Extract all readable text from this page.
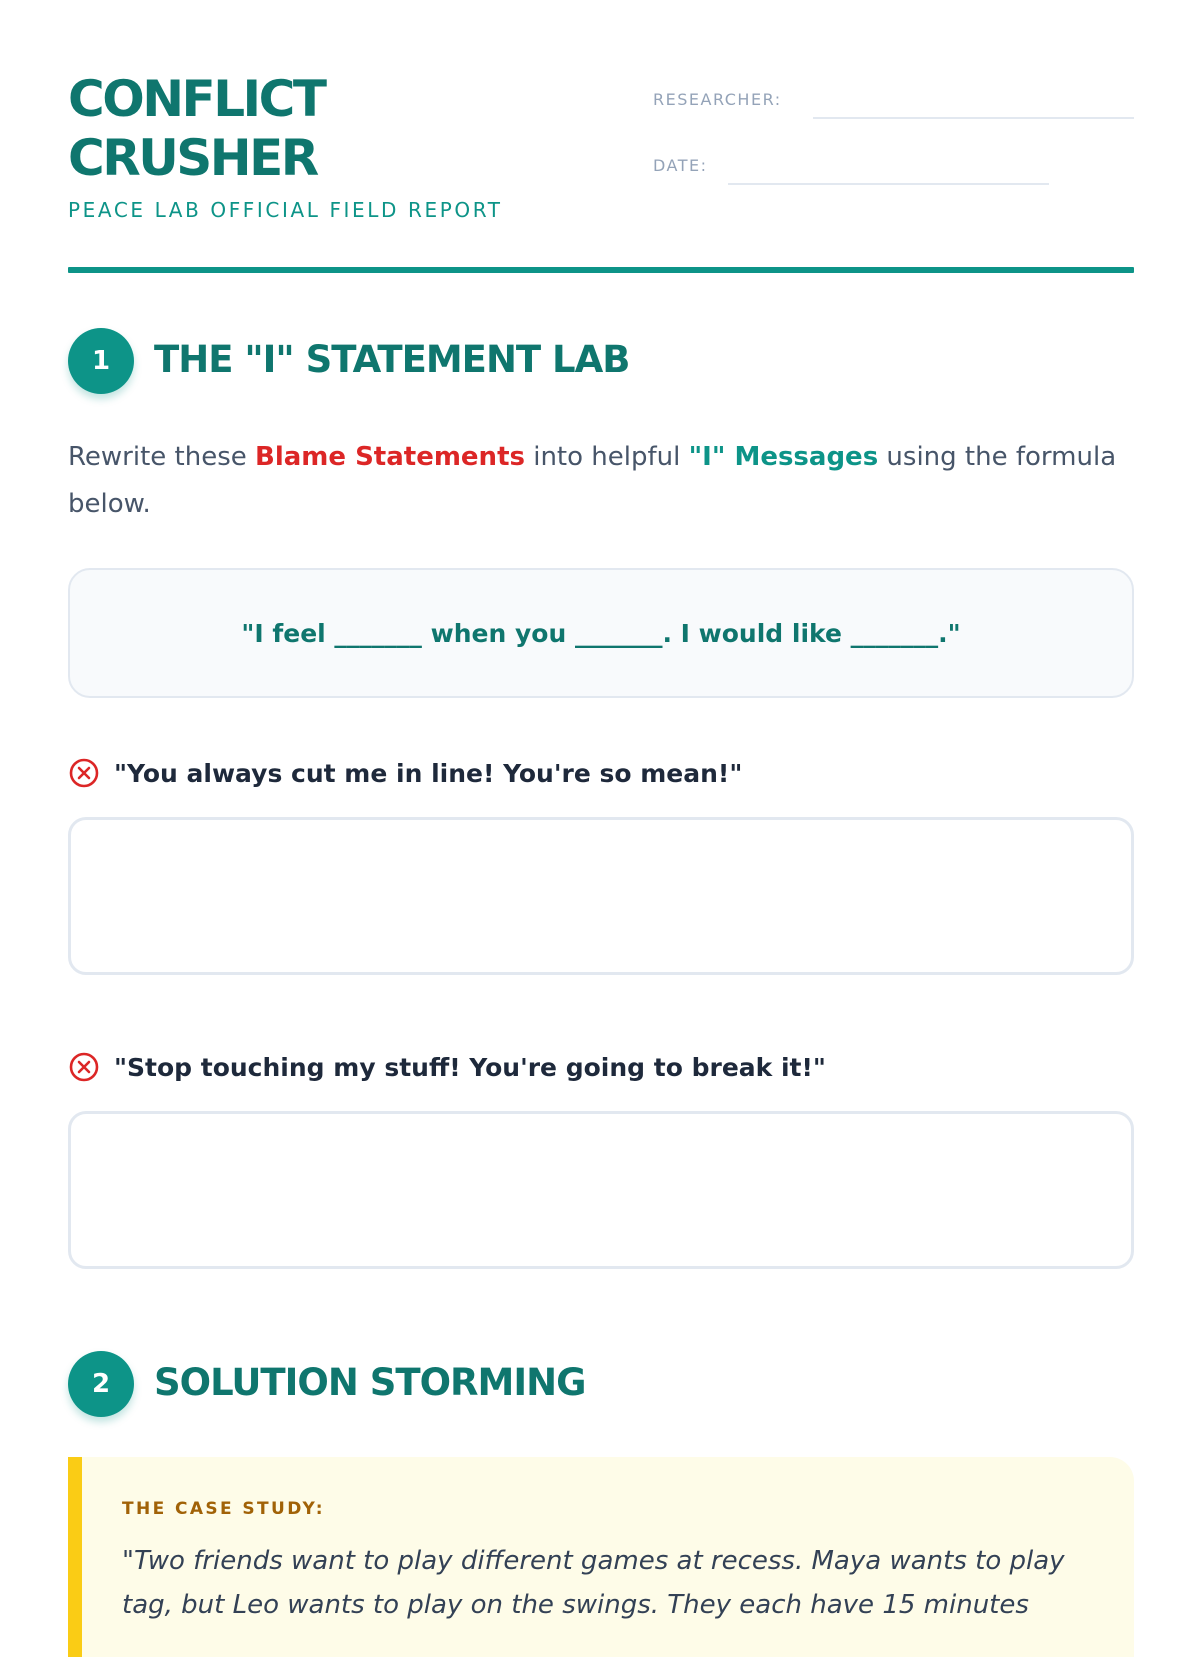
CONFLICT
CRUSHER
PEACE LAB OFFICIAL FIELD REPORT
RESEARCHER:
DATE:
1	THE "I" STATEMENT LAB
Rewrite these Blame Statements into helpful "I" Messages using the formula below.
"I feel _______ when you _______. I would like _______."
"You always cut me in line! You're so mean!"
"Stop touching my stuff! You're going to break it!"
2	SOLUTION STORMING
THE CASE STUDY:
"Two friends want to play different games at recess. Maya wants to play tag, but Leo wants to play on the swings. They each have 15 minutes
